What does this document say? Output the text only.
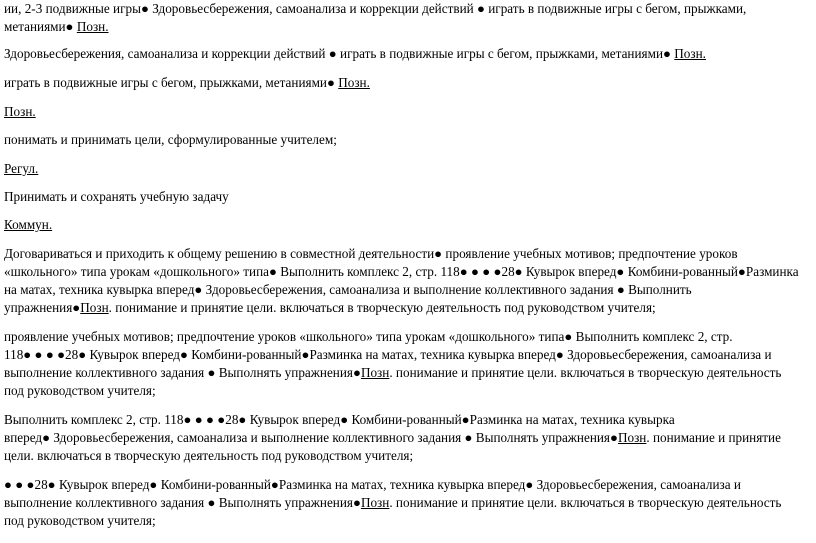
ии, 2-3 подвижные игры● Здоровьесбережения, самоанализа и коррекции действий ● играть в подвижные игры с бегом, прыжками,
метаниями● Позн.
Здоровьесбережения, самоанализа и коррекции действий ● играть в подвижные игры с бегом, прыжками, метаниями● Позн.
играть в подвижные игры с бегом, прыжками, метаниями● Позн.
Позн.
понимать и принимать цели, сформулированные учителем;
Регул.
Принимать и сохранять учебную задачу
Коммун.
Договариваться и приходить к общему решению в совместной деятельности● проявление учебных мотивов; предпочтение уроков
«школьного» типа урокам «дошкольного» типа● Выполнить комплекс 2, стр. 118● ● ● ●28● Кувырок вперед● Комбини-рованный●Разминка
на матах, техника кувырка вперед● Здоровьесбережения, самоанализа и выполнение коллективного задания ● Выполнить
упражнения●Позн. понимание и принятие цели. включаться в творческую деятельность под руководством учителя;
проявление учебных мотивов; предпочтение уроков «школьного» типа урокам «дошкольного» типа● Выполнить комплекс 2, стр.
118● ● ● ●28● Кувырок вперед● Комбини-рованный●Разминка на матах, техника кувырка вперед● Здоровьесбережения, самоанализа и
выполнение коллективного задания ● Выполнять упражнения●Позн. понимание и принятие цели. включаться в творческую деятельность
под руководством учителя;
Выполнить комплекс 2, стр. 118● ● ● ●28● Кувырок вперед● Комбини-рованный●Разминка на матах, техника кувырка
вперед● Здоровьесбережения, самоанализа и выполнение коллективного задания ● Выполнять упражнения●Позн. понимание и принятие
цели. включаться в творческую деятельность под руководством учителя;
● ● ●28● Кувырок вперед● Комбини-рованный●Разминка на матах, техника кувырка вперед● Здоровьесбережения, самоанализа и
выполнение коллективного задания ● Выполнять упражнения●Позн. понимание и принятие цели. включаться в творческую деятельность
под руководством учителя;
